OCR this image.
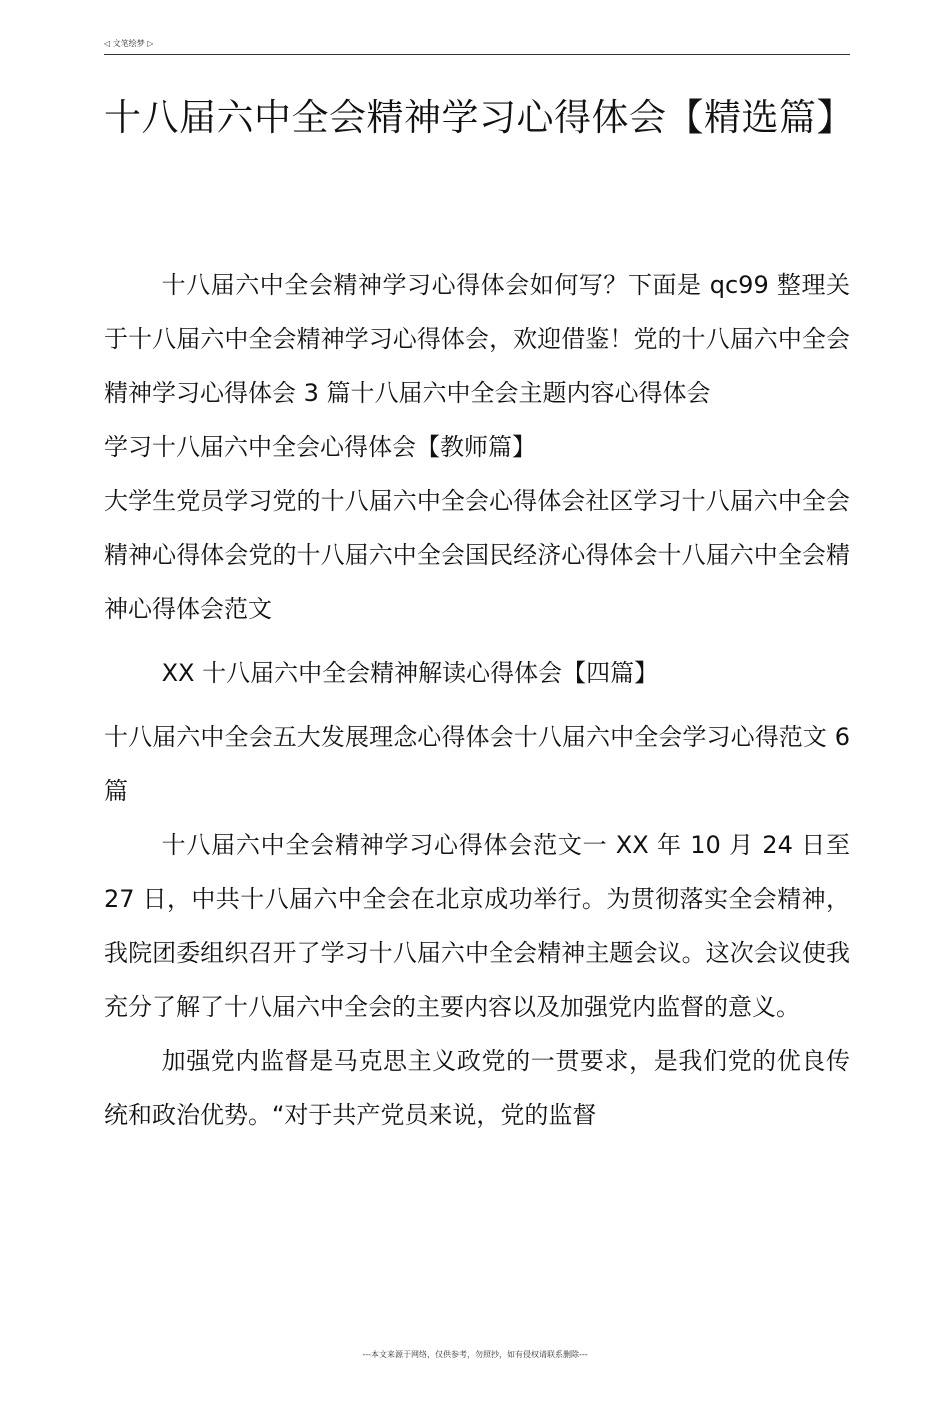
◁ 文笔绘梦 ▷
十八届六中全会精神学习心得体会【精选篇】

十八届六中全会精神学习心得体会如何写？下面是 qc99 整理关于十八届六中全会精神学习心得体会，欢迎借鉴！党的十八届六中全会精神学习心得体会 3 篇十八届六中全会主题内容心得体会

学习十八届六中全会心得体会【教师篇】

大学生党员学习党的十八届六中全会心得体会社区学习十八届六中全会精神心得体会党的十八届六中全会国民经济心得体会十八届六中全会精神心得体会范文

XX 十八届六中全会精神解读心得体会【四篇】

十八届六中全会五大发展理念心得体会十八届六中全会学习心得范文 6 篇

十八届六中全会精神学习心得体会范文一 XX 年 10 月 24 日至 27 日，中共十八届六中全会在北京成功举行。为贯彻落实全会精神，我院团委组织召开了学习十八届六中全会精神主题会议。这次会议使我充分了解了十八届六中全会的主要内容以及加强党内监督的意义。

加强党内监督是马克思主义政党的一贯要求，是我们党的优良传统和政治优势。“对于共产党员来说，党的监督

---本文来源于网络，仅供参考，勿照抄，如有侵权请联系删除---
